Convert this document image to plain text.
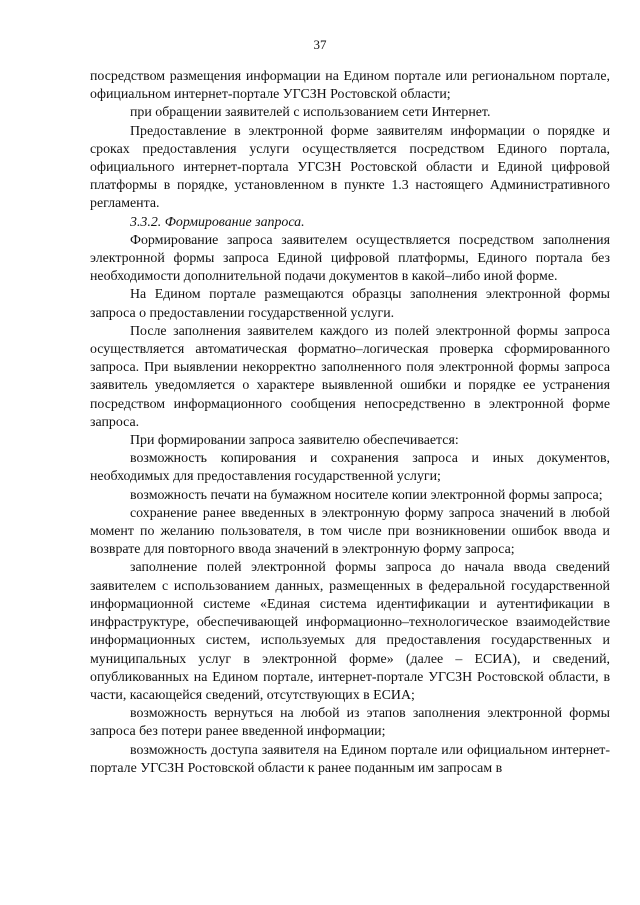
37

посредством размещения информации на Едином портале или региональном портале, официальном интернет-портале УГСЗН Ростовской области;

при обращении заявителей с использованием сети Интернет.

Предоставление в электронной форме заявителям информации о порядке и сроках предоставления услуги осуществляется посредством Единого портала, официального интернет-портала УГСЗН Ростовской области и Единой цифровой платформы в порядке, установленном в пункте 1.3 настоящего Административного регламента.

3.3.2. Формирование запроса.

Формирование запроса заявителем осуществляется посредством заполнения электронной формы запроса Единой цифровой платформы, Единого портала без необходимости дополнительной подачи документов в какой–либо иной форме.

На Едином портале размещаются образцы заполнения электронной формы запроса о предоставлении государственной услуги.

После заполнения заявителем каждого из полей электронной формы запроса осуществляется автоматическая форматно–логическая проверка сформированного запроса. При выявлении некорректно заполненного поля электронной формы запроса заявитель уведомляется о характере выявленной ошибки и порядке ее устранения посредством информационного сообщения непосредственно в электронной форме запроса.

При формировании запроса заявителю обеспечивается:

возможность копирования и сохранения запроса и иных документов, необходимых для предоставления государственной услуги;

возможность печати на бумажном носителе копии электронной формы запроса;

сохранение ранее введенных в электронную форму запроса значений в любой момент по желанию пользователя, в том числе при возникновении ошибок ввода и возврате для повторного ввода значений в электронную форму запроса;

заполнение полей электронной формы запроса до начала ввода сведений заявителем с использованием данных, размещенных в федеральной государственной информационной системе «Единая система идентификации и аутентификации в инфраструктуре, обеспечивающей информационно–технологическое взаимодействие информационных систем, используемых для предоставления государственных и муниципальных услуг в электронной форме» (далее – ЕСИА), и сведений, опубликованных на Едином портале, интернет-портале УГСЗН Ростовской области, в части, касающейся сведений, отсутствующих в ЕСИА;

возможность вернуться на любой из этапов заполнения электронной формы запроса без потери ранее введенной информации;

возможность доступа заявителя на Едином портале или официальном интернет-портале УГСЗН Ростовской области к ранее поданным им запросам в
